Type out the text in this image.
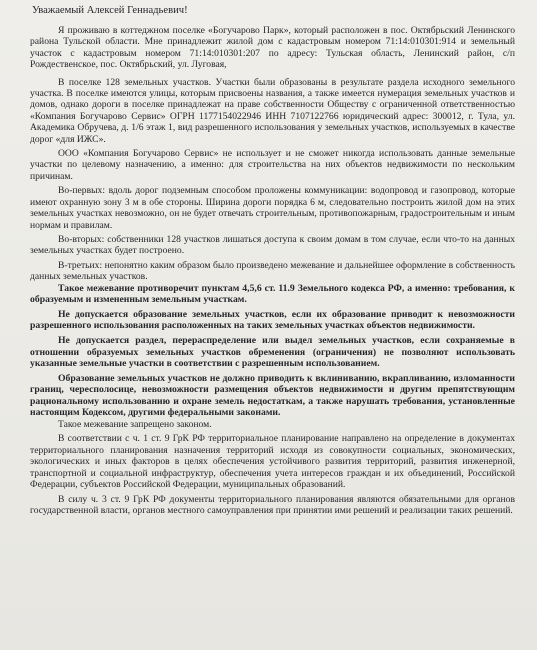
Уважаемый Алексей Геннадьевич!

Я проживаю в коттеджном поселке «Богучарово Парк», который расположен в пос. Октябрьский Ленинского района Тульской области. Мне принадлежит жилой дом с кадастровым номером 71:14:010301:914 и земельный участок с кадастровым номером 71:14:010301:207 по адресу: Тульская область, Ленинский район, с/п Рождественское, пос. Октябрьский, ул. Луговая,

В поселке 128 земельных участков. Участки были образованы в результате раздела исходного земельного участка. В поселке имеются улицы, которым присвоены названия, а также имеется нумерация земельных участков и домов, однако дороги в поселке принадлежат на праве собственности Обществу с ограниченной ответственностью «Компания Богучарово Сервис» ОГРН 1177154022946 ИНН 7107122766 юридический адрес: 300012, г. Тула, ул. Академика Обручева, д. 1/6 этаж 1, вид разрешенного использования у земельных участков, используемых в качестве дорог «для ИЖС».

ООО «Компания Богучарово Сервис» не использует и не сможет никогда использовать данные земельные участки по целевому назначению, а именно: для строительства на них объектов недвижимости по нескольким причинам.

Во-первых: вдоль дорог подземным способом проложены коммуникации: водопровод и газопровод, которые имеют охранную зону 3 м в обе стороны. Ширина дороги порядка 6 м, следовательно построить жилой дом на этих земельных участках невозможно, он не будет отвечать строительным, противопожарным, градостроительным и иным нормам и правилам.

Во-вторых: собственники 128 участков лишаться доступа к своим домам в том случае, если что-то на данных земельных участках будет построено.

В-третьих: непонятно каким образом было произведено межевание и дальнейшее оформление в собственность данных земельных участков.

Такое межевание противоречит пунктам 4,5,6 ст. 11.9 Земельного кодекса РФ, а именно: требования, к образуемым и измененным земельным участкам.

Не допускается образование земельных участков, если их образование приводит к невозможности разрешенного использования расположенных на таких земельных участках объектов недвижимости.

Не допускается раздел, перераспределение или выдел земельных участков, если сохраняемые в отношении образуемых земельных участков обременения (ограничения) не позволяют использовать указанные земельные участки в соответствии с разрешенным использованием.

Образование земельных участков не должно приводить к вклиниванию, вкрапливанию, изломанности границ, чересполосице, невозможности размещения объектов недвижимости и другим препятствующим рациональному использованию и охране земель недостаткам, а также нарушать требования, установленные настоящим Кодексом, другими федеральными законами.

Такое межевание запрещено законом.

В соответствии с ч. 1 ст. 9 ГрК РФ территориальное планирование направлено на определение в документах территориального планирования назначения территорий исходя из совокупности социальных, экономических, экологических и иных факторов в целях обеспечения устойчивого развития территорий, развития инженерной, транспортной и социальной инфраструктур, обеспечения учета интересов граждан и их объединений, Российской Федерации, субъектов Российской Федерации, муниципальных образований.

В силу ч. 3 ст. 9 ГрК РФ документы территориального планирования являются обязательными для органов государственной власти, органов местного самоуправления при принятии ими решений и реализации таких решений.
